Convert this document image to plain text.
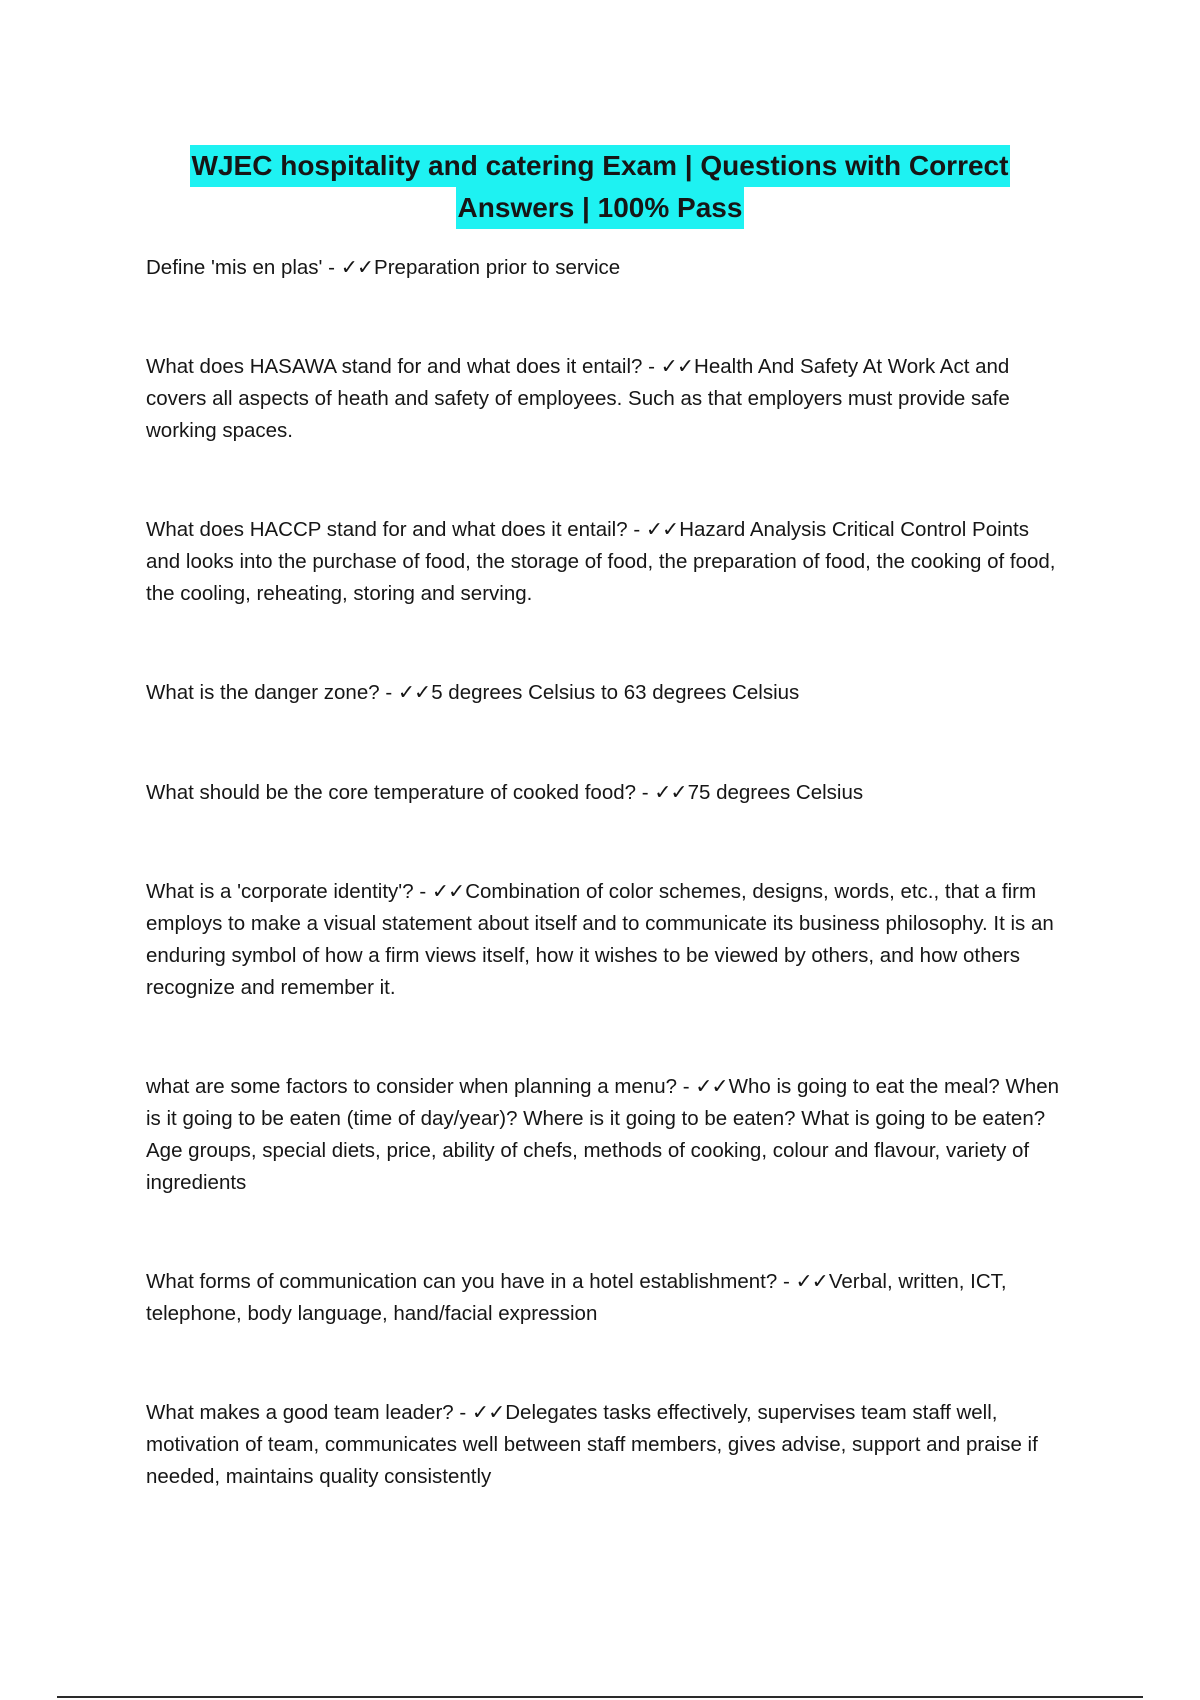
WJEC hospitality and catering Exam | Questions with Correct
Answers | 100% Pass

Define 'mis en plas' - ✓✓Preparation prior to service

What does HASAWA stand for and what does it entail? - ✓✓Health And Safety At Work Act and covers all aspects of heath and safety of employees. Such as that employers must provide safe working spaces.

What does HACCP stand for and what does it entail? - ✓✓Hazard Analysis Critical Control Points and looks into the purchase of food, the storage of food, the preparation of food, the cooking of food, the cooling, reheating, storing and serving.

What is the danger zone? - ✓✓5 degrees Celsius to 63 degrees Celsius

What should be the core temperature of cooked food? - ✓✓75 degrees Celsius

What is a 'corporate identity'? - ✓✓Combination of color schemes, designs, words, etc., that a firm employs to make a visual statement about itself and to communicate its business philosophy. It is an enduring symbol of how a firm views itself, how it wishes to be viewed by others, and how others recognize and remember it.

what are some factors to consider when planning a menu? - ✓✓Who is going to eat the meal? When is it going to be eaten (time of day/year)? Where is it going to be eaten? What is going to be eaten? Age groups, special diets, price, ability of chefs, methods of cooking, colour and flavour, variety of ingredients

What forms of communication can you have in a hotel establishment? - ✓✓Verbal, written, ICT, telephone, body language, hand/facial expression

What makes a good team leader? - ✓✓Delegates tasks effectively, supervises team staff well, motivation of team, communicates well between staff members, gives advise, support and praise if needed, maintains quality consistently
